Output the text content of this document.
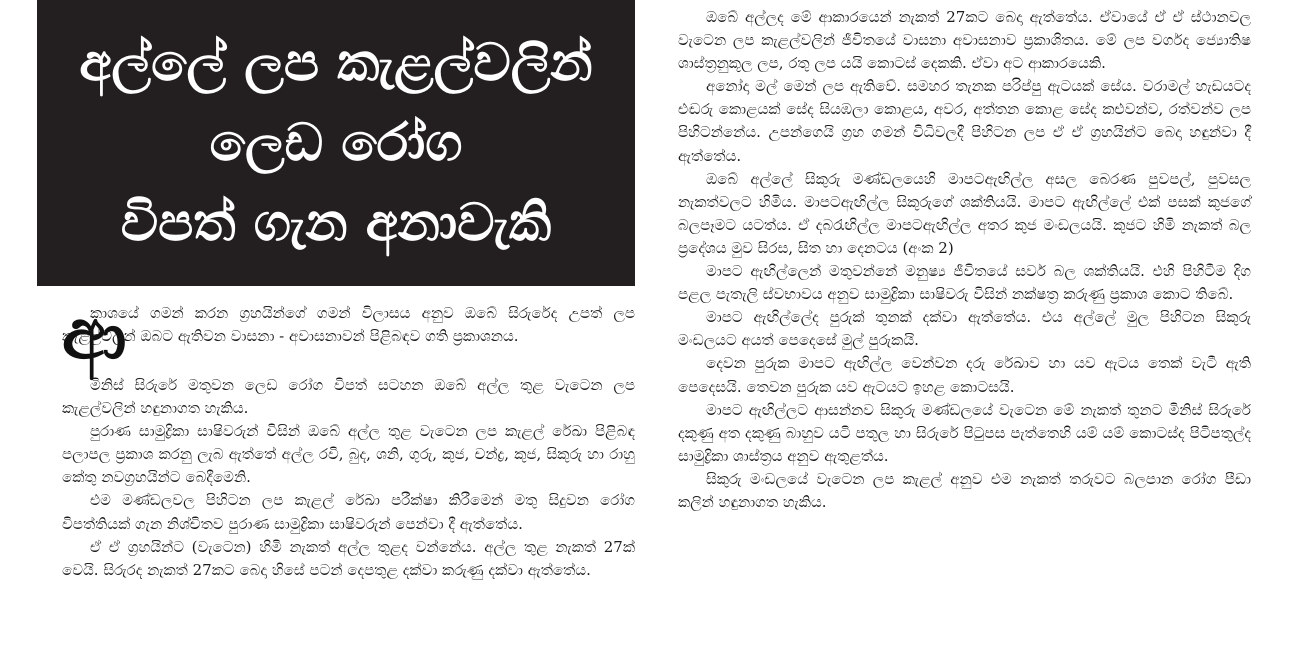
අල්ලේ ලප කැළල්වලින්
ලෙඩ රෝග
විපත් ගැන අනාවැකි
ආ

කාශයේ ගමන් කරන ග්‍රහයින්ගේ ගමන් විලාසය අනුව ඔබේ සිරුරේද උපත් ලප කැළල්වලින් ඔබට ඇතිවන වාසනා - අවාසනාවන් පිළිබඳව ගති ප්‍රකාශනය.

මිනිස් සිරුරේ මතුවන ලෙඩ රෝග විපත් සටහන ඔබේ අල්ල තුළ වැටෙන ලප කැළල්වලින් හඳුනාගත හැකිය.

පුරාණ සාමුද්‍රිකා සාෂිවරුන් විසින් ඔබේ අල්ල තුළ වැටෙන ලප කැළල් රේඛා පිළිබඳ පලාපල ප්‍රකාශ කරනු ලැබ ඇත්තේ අල්ල රවි, බුද, ශනි, ගුරු, කුජ, චන්ද්‍ර, කුජ, සිකුරු හා රාහු කේතු නවග්‍රහයින්ට බෙදීමෙනි.

එම මණ්ඩලවල පිහිටන ලප කැළල් රේඛා පරීක්ෂා කිරීමෙන් මතු සිදුවන රෝග විපත්තියක් ගැන නිශ්චිතව පුරාණ සාමුද්‍රිකා සාෂිවරුන් පෙන්වා දී ඇත්තේය.

ඒ ඒ ග්‍රහයින්ට (වැටෙන) හිමි නැකත් අල්ල තුළද වන්නේය. අල්ල තුළ නැකත් 27ක් වෙයි. සිරුරද නැකත් 27කට බෙදා හිසේ පටන් දෙපතුළ දක්වා කරුණු දක්වා ඇත්තේය.

ඔබේ අල්ලද මේ ආකාරයෙන් නැකත් 27කට බෙදා ඇත්තේය. ඒවායේ ඒ ඒ ස්ථානවල වැටෙන ලප කැළල්වලින් ජීවිතයේ වාසනා අවාසනාව ප්‍රකාශිතය. මේ ලප වර්ගද ජ්‍යොතිෂ ශාස්ත්‍රනුකූල ලප, රතු ලප යයි කොටස් දෙකකි. ඒවා අට ආකාරයෙකි.

අනෝදා මල් මෙන් ලප ඇතිවේ. සමහර තැනක පරිප්පු ඇටයක් සේය. වරාමල් හැඩයටද එඬරු කොළයක් සේද සියඹලා කොළය, අවර, අත්තන කොළ සේද කළුවන්ව, රත්වන්ව ලප පිහිටන්නේය. උපන්ගෙයි ග්‍රහ ගමන් විධිවලදී පිහිටන ලප ඒ ඒ ග්‍රහයින්ට බෙදා හඳුන්වා දී ඇත්තේය.

ඔබේ අල්ලේ සිකුරු මණ්ඩලයෙහි මාපටඇඟිල්ල අසල බෙරණ පුවපල්, පුවසල නැකත්වලට හිමිය. මාපටඇඟිල්ල සිකුරුගේ ශක්තියයි. මාපට ඇඟිල්ලේ එක් පසක් කුජගේ බලපෑමට යටත්ය. ඒ දබරැඟිල්ල මාපටඇඟිල්ල අතර කුජ මංඩලයයි. කුජට හිමි නැකත් බල ප්‍රදේශය මුව සිරස, සිත හා දෙනටය (අංක 2)

මාපට ඇඟිල්ලෙන් මතුවන්නේ මනුෂ්‍ය ජීවිතයේ සර්ව බල ශක්තියයි. එහි පිහිටීම දිග පළල පැතැලි ස්වභාවය අනුව සාමුද්‍රිකා සාෂිවරු විසින් නක්ෂත්‍ර කරුණු ප්‍රකාශ කොට තිබේ.

මාපට ඇඟිල්ලේද පුරුක් තුනක් දක්වා ඇත්තේය. එය අල්ලේ මුල පිහිටන සිකුරු මංඩලයට අයත් පෙදෙසේ මුල් පුරුකයි.

දෙවන පුරුක මාපට ඇඟිල්ල වෙන්වන දරු රේඛාව හා යව ඇටය තෙක් වැටී ඇති පෙදෙසයි. තෙවන පුරුක යව ඇටයට ඉහළ කොටසයි.

මාපට ඇඟිල්ලට ආසන්නව සිකුරු මණ්ඩලයේ වැටෙන මේ නැකත් තුනට මිනිස් සිරුරේ දකුණු අත දකුණු බාහුව යටි පතුල හා සිරුරේ පිටුපස පැත්තෙහි යම් යම් කොටස්ද පිටිපතුල්ද සාමුද්‍රිකා ශාස්ත්‍රය අනුව ඇතුළත්ය.

සිකුරු මංඩලයේ වැටෙන ලප කැළල් අනුව එම නැකත් තරුවට බලපාන රෝග පීඩා කලින් හඳුනාගත හැකිය.
